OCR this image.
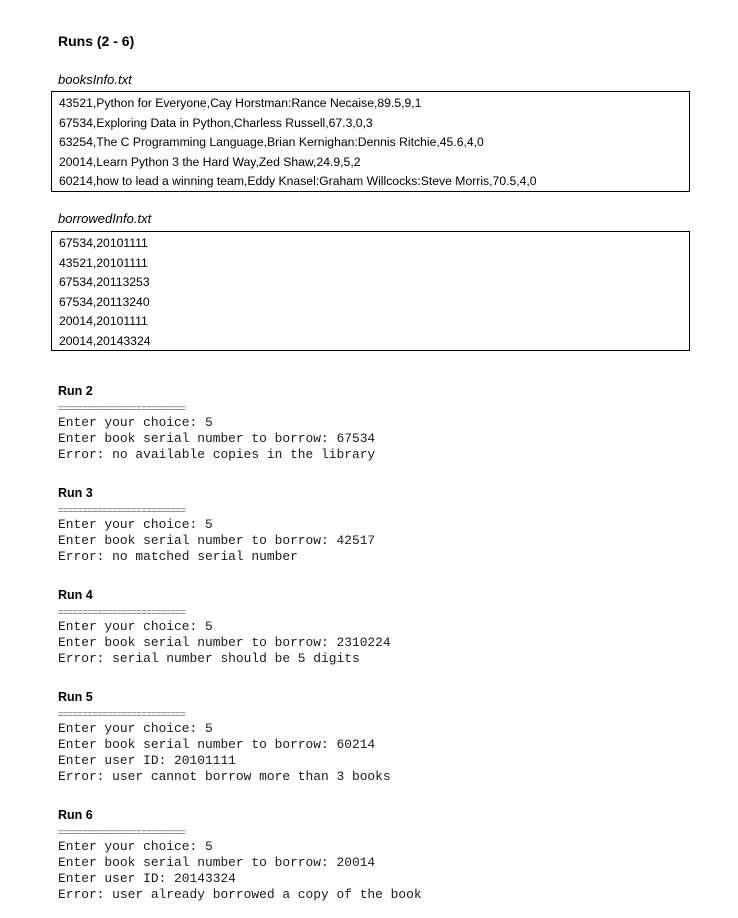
Runs (2 - 6)
booksInfo.txt
43521,Python for Everyone,Cay Horstman:Rance Necaise,89.5,9,1
67534,Exploring Data in Python,Charless Russell,67.3,0,3
63254,The C Programming Language,Brian Kernighan:Dennis Ritchie,45.6,4,0
20014,Learn Python 3 the Hard Way,Zed Shaw,24.9,5,2
60214,how to lead a winning team,Eddy Knasel:Graham Willcocks:Steve Morris,70.5,4,0
borrowedInfo.txt
67534,20101111
43521,20101111
67534,20113253
67534,20113240
20014,20101111
20014,20143324
Run 2
==========================
Enter your choice: 5
Enter book serial number to borrow: 67534
Error: no available copies in the library
Run 3
==========================
Enter your choice: 5
Enter book serial number to borrow: 42517
Error: no matched serial number
Run 4
==========================
Enter your choice: 5
Enter book serial number to borrow: 2310224
Error: serial number should be 5 digits
Run 5
==========================
Enter your choice: 5
Enter book serial number to borrow: 60214
Enter user ID: 20101111
Error: user cannot borrow more than 3 books
Run 6
==========================
Enter your choice: 5
Enter book serial number to borrow: 20014
Enter user ID: 20143324
Error: user already borrowed a copy of the book
